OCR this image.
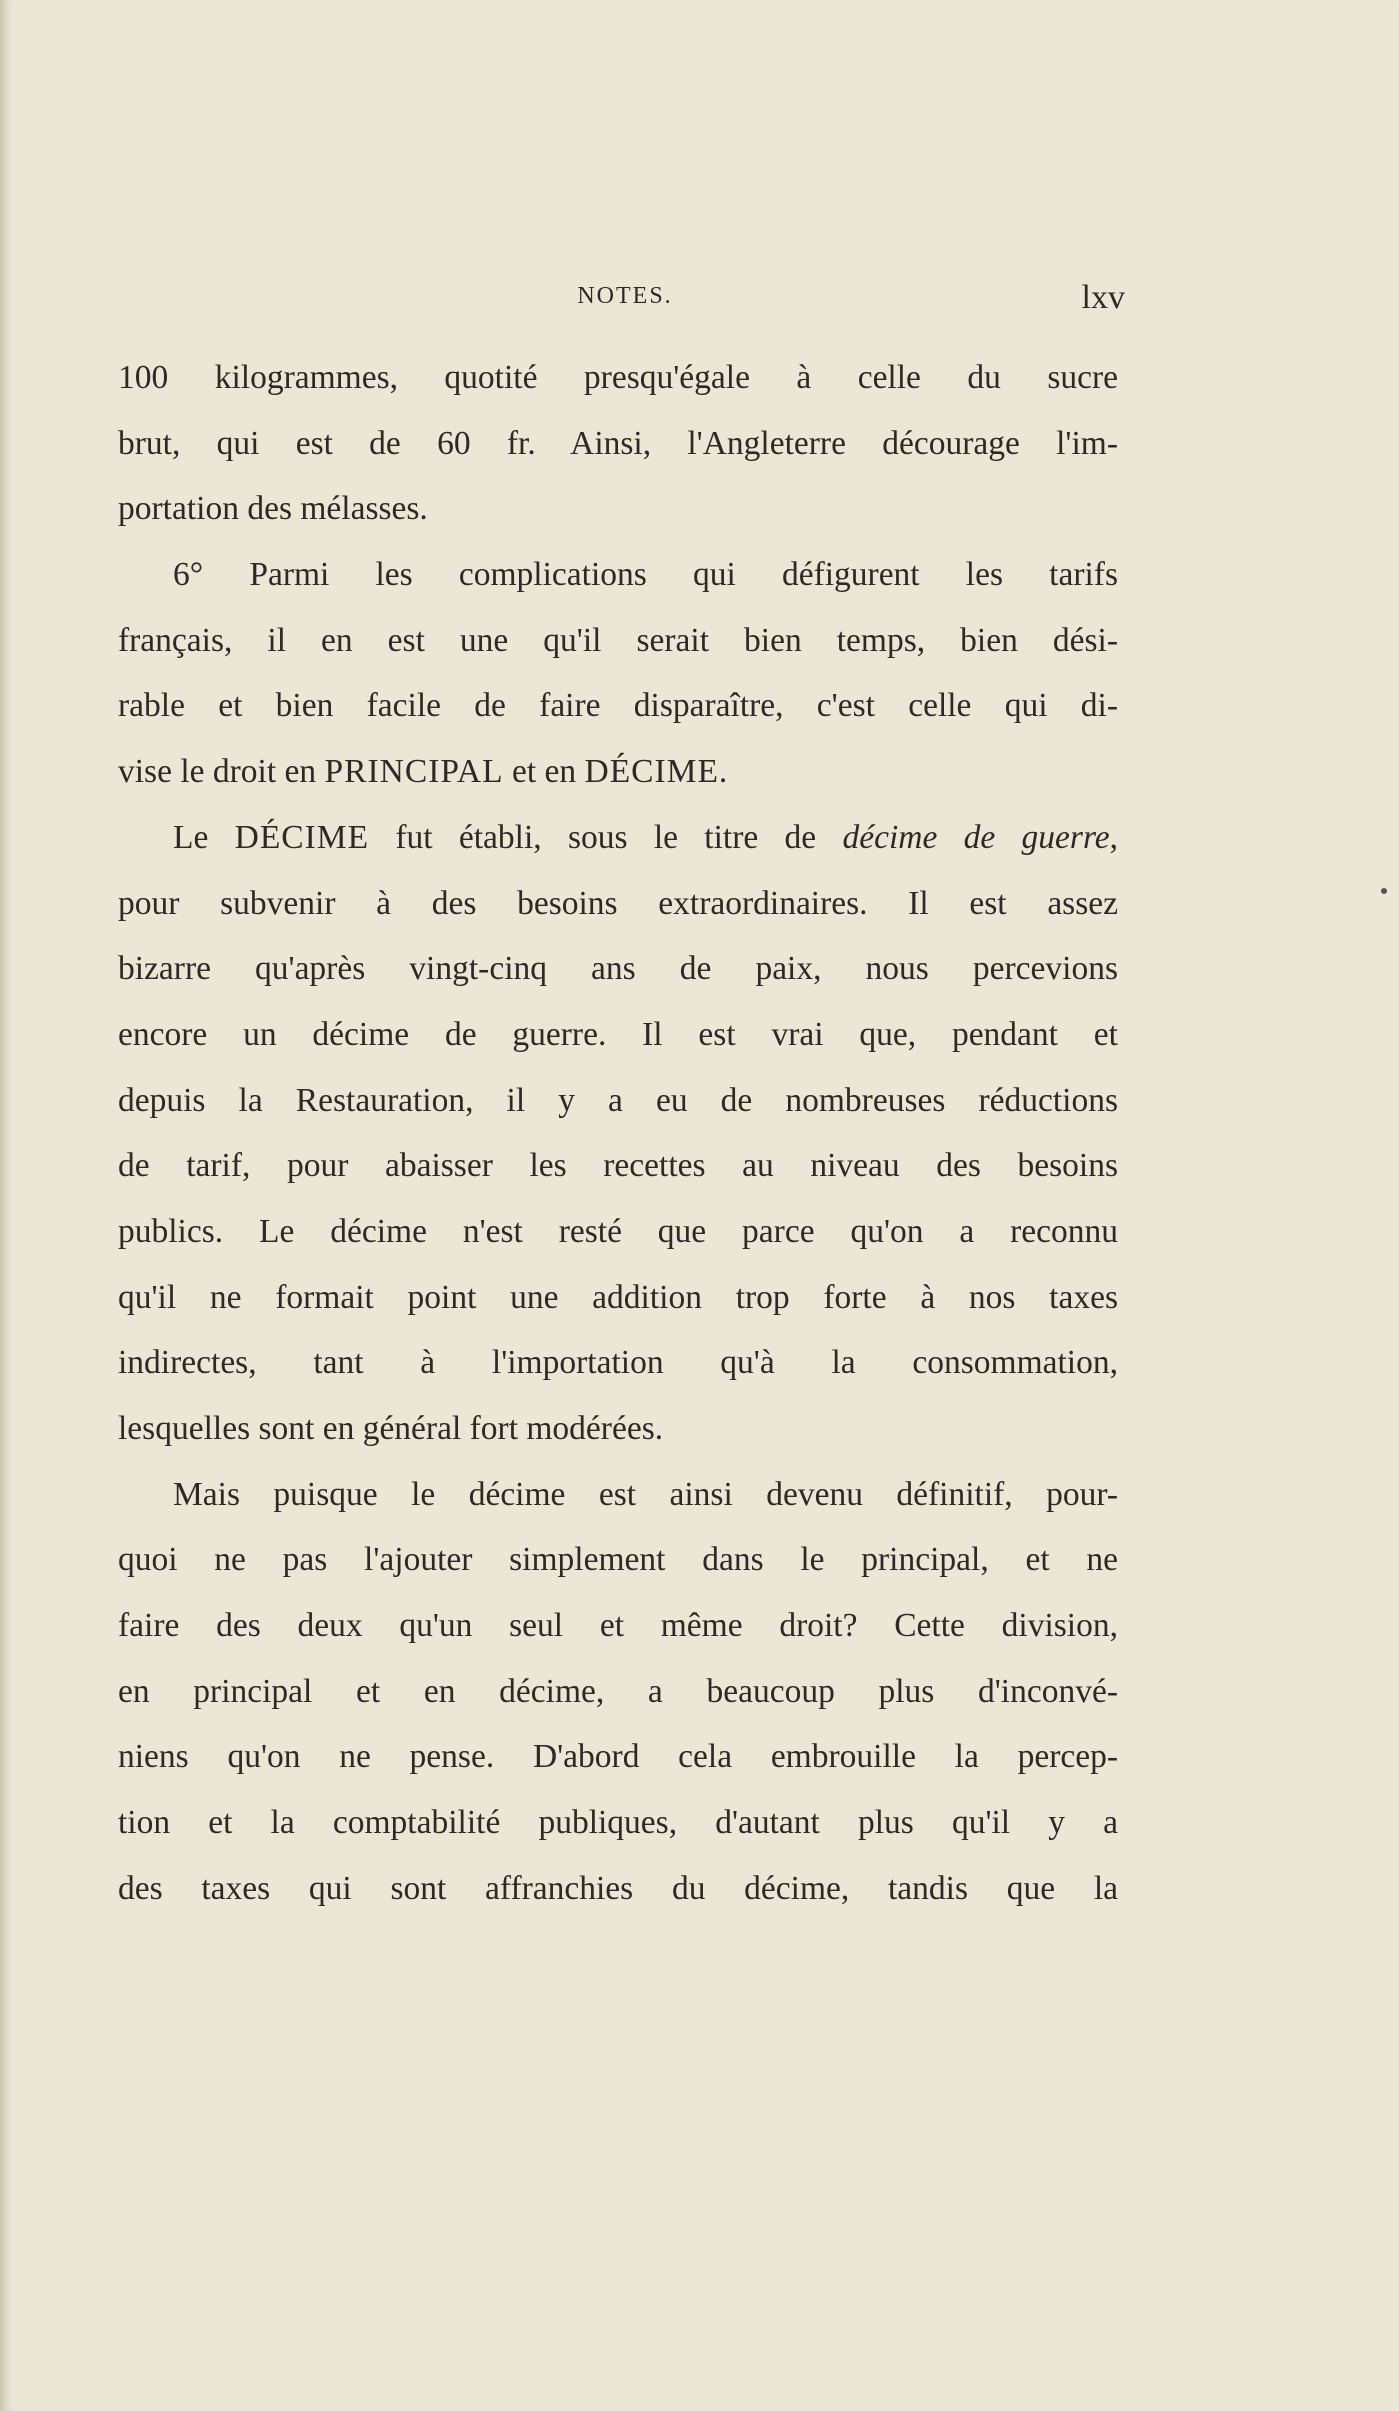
NOTES.	lxv
100 kilogrammes, quotité presqu'égale à celle du sucre
brut, qui est de 60 fr. Ainsi, l'Angleterre décourage l'im-
portation des mélasses.
6° Parmi les complications qui défigurent les tarifs
français, il en est une qu'il serait bien temps, bien dési-
rable et bien facile de faire disparaître, c'est celle qui di-
vise le droit en PRINCIPAL et en DÉCIME.
Le DÉCIME fut établi, sous le titre de décime de guerre,
pour subvenir à des besoins extraordinaires. Il est assez
bizarre qu'après vingt-cinq ans de paix, nous percevions
encore un décime de guerre. Il est vrai que, pendant et
depuis la Restauration, il y a eu de nombreuses réductions
de tarif, pour abaisser les recettes au niveau des besoins
publics. Le décime n'est resté que parce qu'on a reconnu
qu'il ne formait point une addition trop forte à nos taxes
indirectes, tant à l'importation qu'à la consommation,
lesquelles sont en général fort modérées.
Mais puisque le décime est ainsi devenu définitif, pour-
quoi ne pas l'ajouter simplement dans le principal, et ne
faire des deux qu'un seul et même droit? Cette division,
en principal et en décime, a beaucoup plus d'inconvé-
niens qu'on ne pense. D'abord cela embrouille la percep-
tion et la comptabilité publiques, d'autant plus qu'il y a
des taxes qui sont affranchies du décime, tandis que la
